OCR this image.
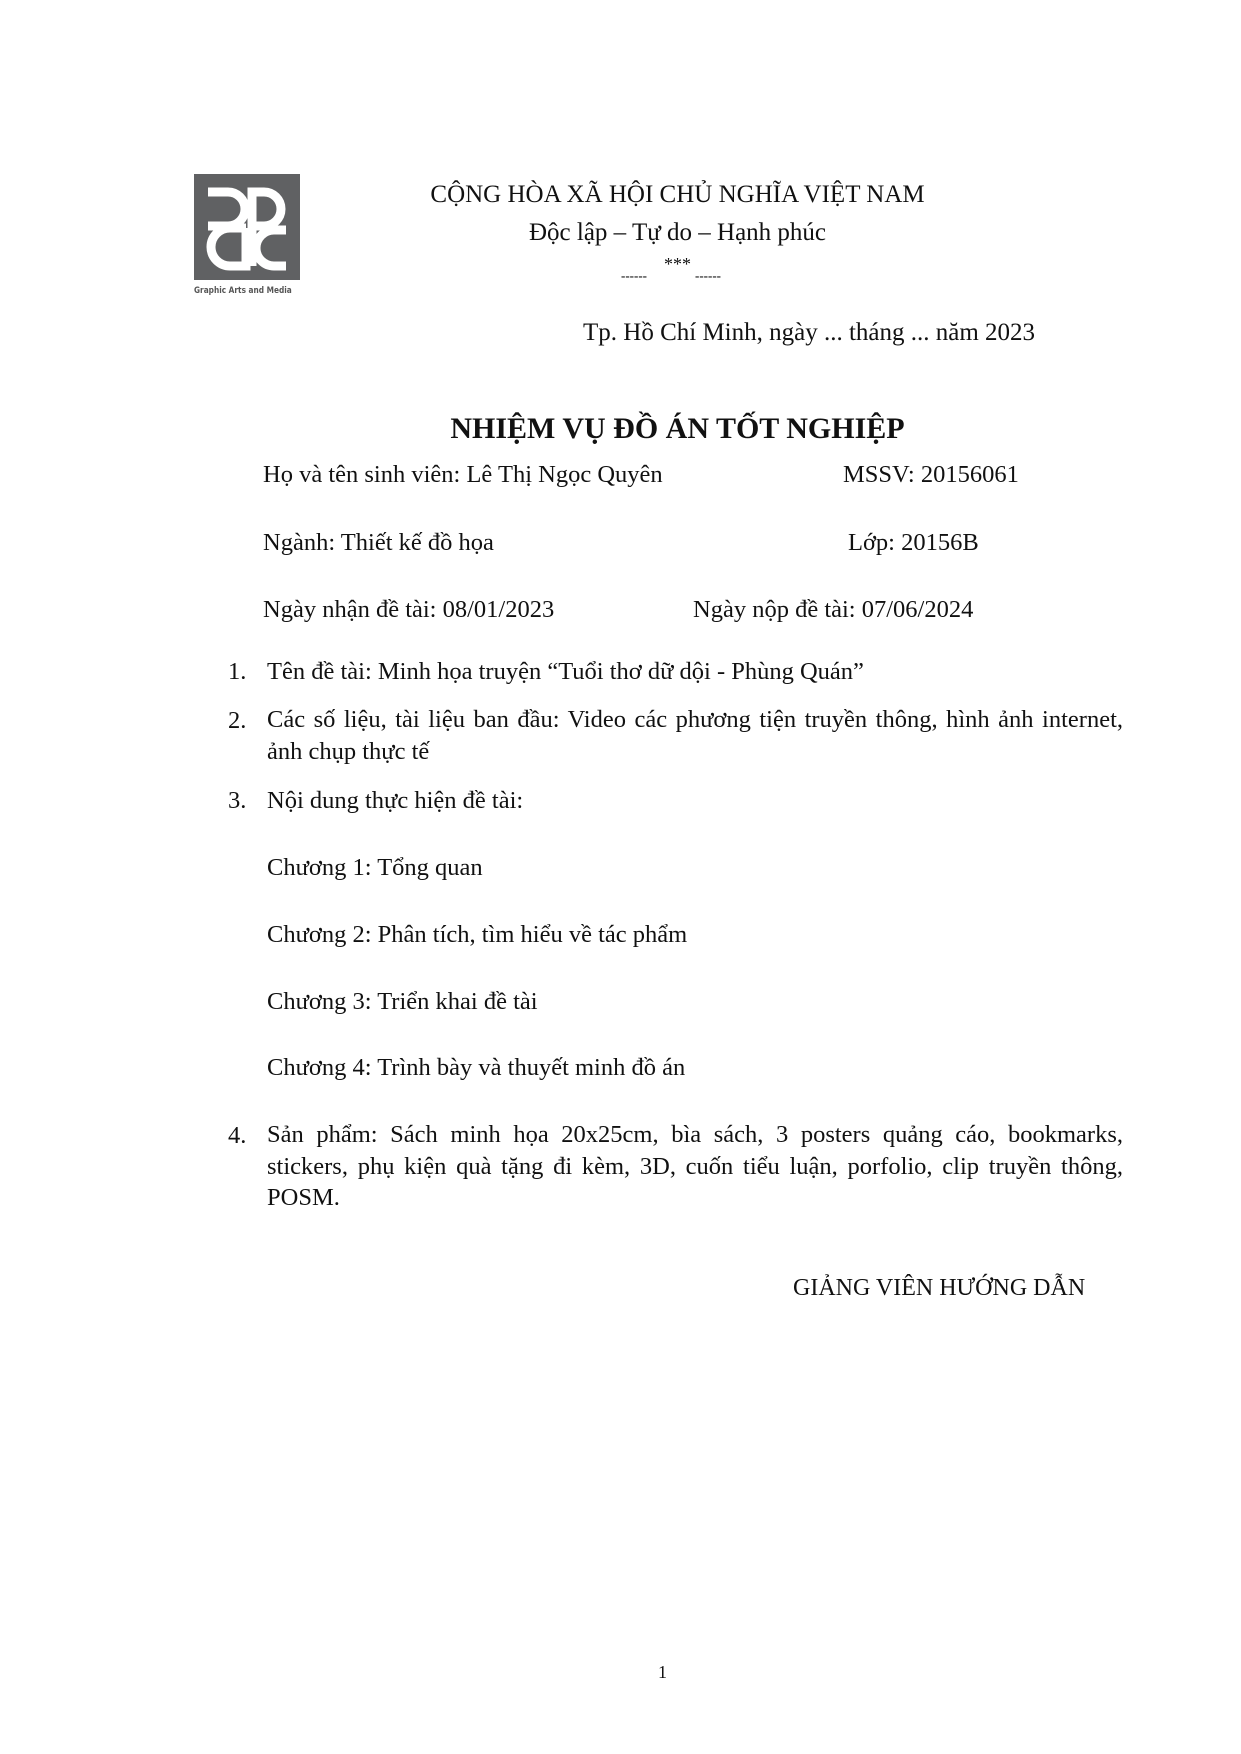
Graphic Arts and Media
CỘNG HÒA XÃ HỘI CHỦ NGHĨA VIỆT NAM
Độc lập – Tự do – Hạnh phúc
***
------	------
Tp. Hồ Chí Minh, ngày ... tháng ... năm 2023
NHIỆM VỤ ĐỒ ÁN TỐT NGHIỆP
Họ và tên sinh viên: Lê Thị Ngọc Quyên	MSSV: 20156061
Ngành: Thiết kế đồ họa	Lớp: 20156B
Ngày nhận đề tài: 08/01/2023	Ngày nộp đề tài: 07/06/2024
1. Tên đề tài: Minh họa truyện “Tuổi thơ dữ dội - Phùng Quán”
2. Các số liệu, tài liệu ban đầu: Video các phương tiện truyền thông, hình ảnh internet, ảnh chụp thực tế
3. Nội dung thực hiện đề tài:
Chương 1: Tổng quan
Chương 2: Phân tích, tìm hiểu về tác phẩm
Chương 3: Triển khai đề tài
Chương 4: Trình bày và thuyết minh đồ án
4. Sản phẩm: Sách minh họa 20x25cm, bìa sách, 3 posters quảng cáo, bookmarks, stickers, phụ kiện quà tặng đi kèm, 3D, cuốn tiểu luận, porfolio, clip truyền thông, POSM.
GIẢNG VIÊN HƯỚNG DẪN
1
